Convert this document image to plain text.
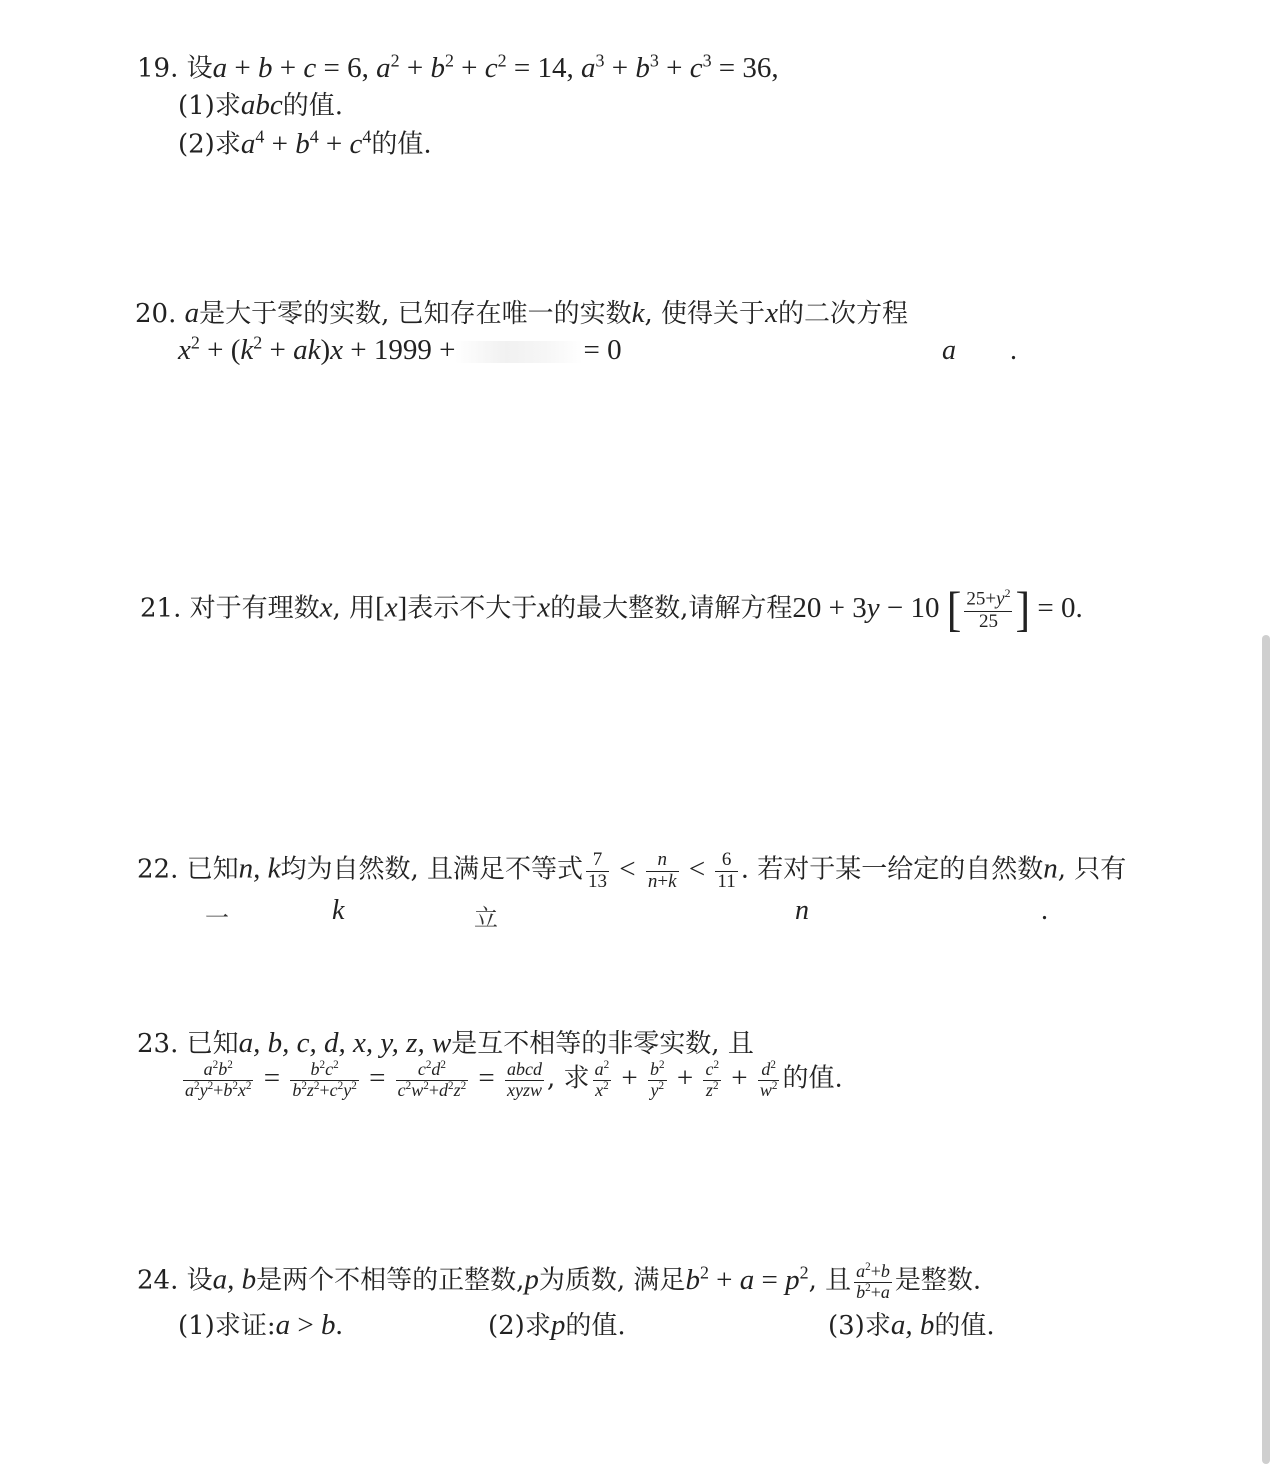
19. 设a + b + c = 6, $a^2 + b^2 + c^2 = 14$, $a^3 + b^3 + c^3 = 36$,
(1)求abc的值.
(2)求$a^4 + b^4 + c^4$的值.
20. a是大于零的实数, 已知存在唯一的实数k, 使得关于x的二次方程
$x^2 + (k^2 + ak)x + 1999$ +	= 0	a .
21. 对于有理数x, 用[x]表示不大于x的最大整数,请解方程20 + 3y − 10 [ $\frac{25+y^2}{25}$ ] = 0.
22. 已知n, k均为自然数, 且满足不等式 $\frac{7}{13} < \frac{n}{n+k} < \frac{6}{11}$ . 若对于某一给定的自然数n, 只有
一	k	立	n	.
23. 已知a, b, c, d, x, y, z, w是互不相等的非零实数, 且
$\frac{a^2b^2}{a^2y^2+b^2x^2} = \frac{b^2c^2}{b^2z^2+c^2y^2} = \frac{c^2d^2}{c^2w^2+d^2z^2} = \frac{\text{abcd}}{\text{xyzw}}$ , 求 $\frac{a^2}{x^2} + \frac{b^2}{y^2} + \frac{c^2}{z^2} + \frac{d^2}{w^2}$ 的值.
24. 设a, b是两个不相等的正整数,p为质数, 满足$b^2 + a = p^2$, 且 $\frac{a^2+b}{b^2+a}$ 是整数.
(1)求证:a > b.	(2)求p的值.	(3)求a, b的值.
